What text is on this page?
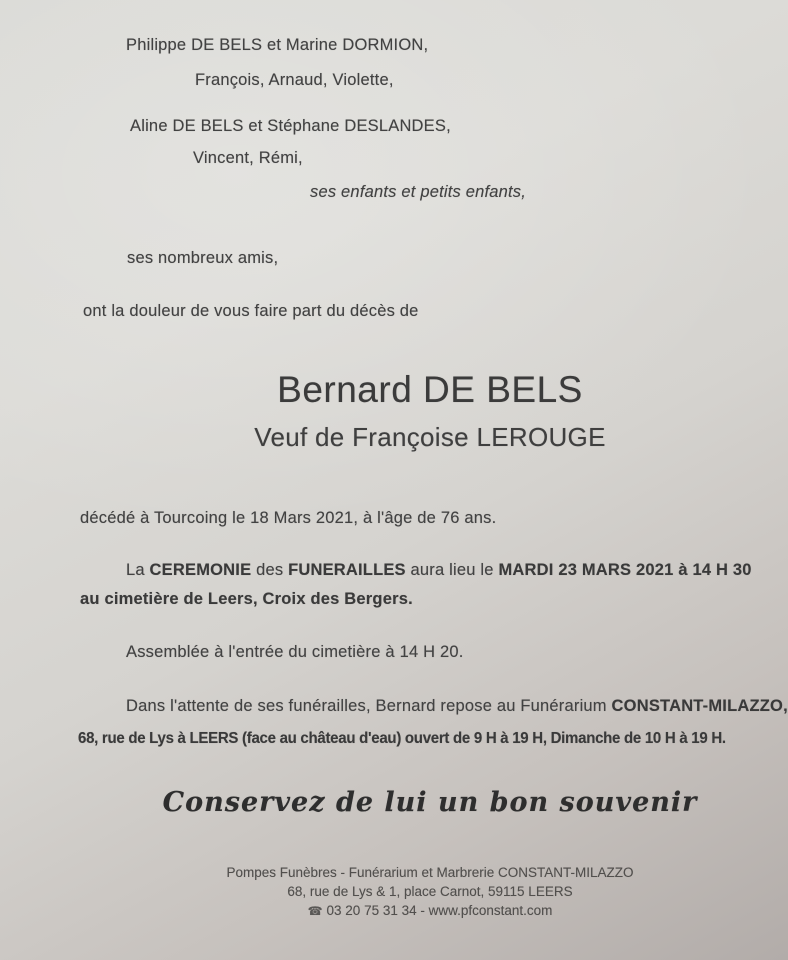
Philippe DE BELS et Marine DORMION,
François, Arnaud, Violette,
Aline DE BELS et Stéphane DESLANDES,
Vincent, Rémi,
ses enfants et petits enfants,
ses nombreux amis,
ont la douleur de vous faire part du décès de
Bernard DE BELS
Veuf de Françoise LEROUGE
décédé à Tourcoing le 18 Mars 2021, à l'âge de 76 ans.
La CEREMONIE des FUNERAILLES aura lieu le MARDI 23 MARS 2021 à 14 H 30
au cimetière de Leers, Croix des Bergers.
Assemblée à l'entrée du cimetière à 14 H 20.
Dans l'attente de ses funérailles, Bernard repose au Funérarium CONSTANT-MILAZZO,
68, rue de Lys à LEERS (face au château d'eau) ouvert de 9 H à 19 H, Dimanche de 10 H à 19 H.
Conservez de lui un bon souvenir
Pompes Funèbres - Funérarium et Marbrerie CONSTANT-MILAZZO
68, rue de Lys & 1, place Carnot, 59115 LEERS
☎ 03 20 75 31 34 - www.pfconstant.com
